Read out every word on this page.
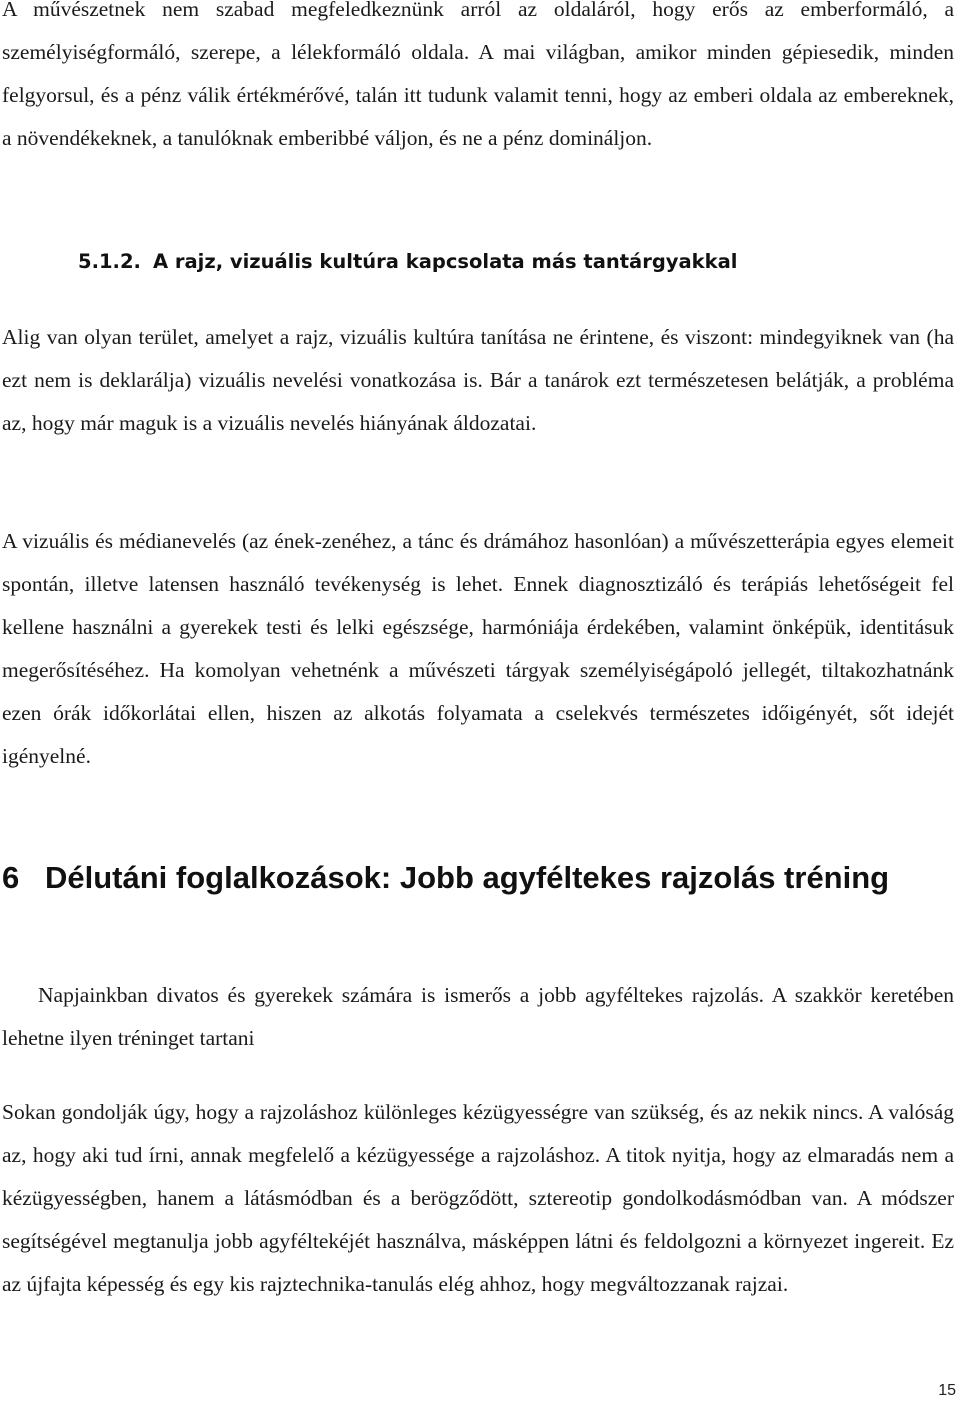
A művészetnek nem szabad megfeledkeznünk arról az oldaláról, hogy erős az emberformáló, a személyiségformáló, szerepe, a lélekformáló oldala. A mai világban, amikor minden gépiesedik, minden felgyorsul, és a pénz válik értékmérővé, talán itt tudunk valamit tenni, hogy az emberi oldala az embereknek, a növendékeknek, a tanulóknak emberibbé váljon, és ne a pénz domináljon.

5.1.2. A rajz, vizuális kultúra kapcsolata más tantárgyakkal

Alig van olyan terület, amelyet a rajz, vizuális kultúra tanítása ne érintene, és viszont: mindegyiknek van (ha ezt nem is deklarálja) vizuális nevelési vonatkozása is. Bár a tanárok ezt természetesen belátják, a probléma az, hogy már maguk is a vizuális nevelés hiányának áldozatai.

A vizuális és médianevelés (az ének-zenéhez, a tánc és drámához hasonlóan) a művészetterápia egyes elemeit spontán, illetve latensen használó tevékenység is lehet. Ennek diagnosztizáló és terápiás lehetőségeit fel kellene használni a gyerekek testi és lelki egészsége, harmóniája érdekében, valamint önképük, identitásuk megerősítéséhez. Ha komolyan vehetnénk a művészeti tárgyak személyiségápoló jellegét, tiltakozhatnánk ezen órák időkorlátai ellen, hiszen az alkotás folyamata a cselekvés természetes időigényét, sőt idejét igényelné.

6 Délutáni foglalkozások: Jobb agyféltekes rajzolás tréning

Napjainkban divatos és gyerekek számára is ismerős a jobb agyféltekes rajzolás. A szakkör keretében lehetne ilyen tréninget tartani

Sokan gondolják úgy, hogy a rajzoláshoz különleges kézügyességre van szükség, és az nekik nincs. A valóság az, hogy aki tud írni, annak megfelelő a kézügyessége a rajzoláshoz. A titok nyitja, hogy az elmaradás nem a kézügyességben, hanem a látásmódban és a berögződött, sztereotip gondolkodásmódban van. A módszer segítségével megtanulja jobb agyféltekéjét használva, másképpen látni és feldolgozni a környezet ingereit. Ez az újfajta képesség és egy kis rajztechnika-tanulás elég ahhoz, hogy megváltozzanak rajzai.

15
